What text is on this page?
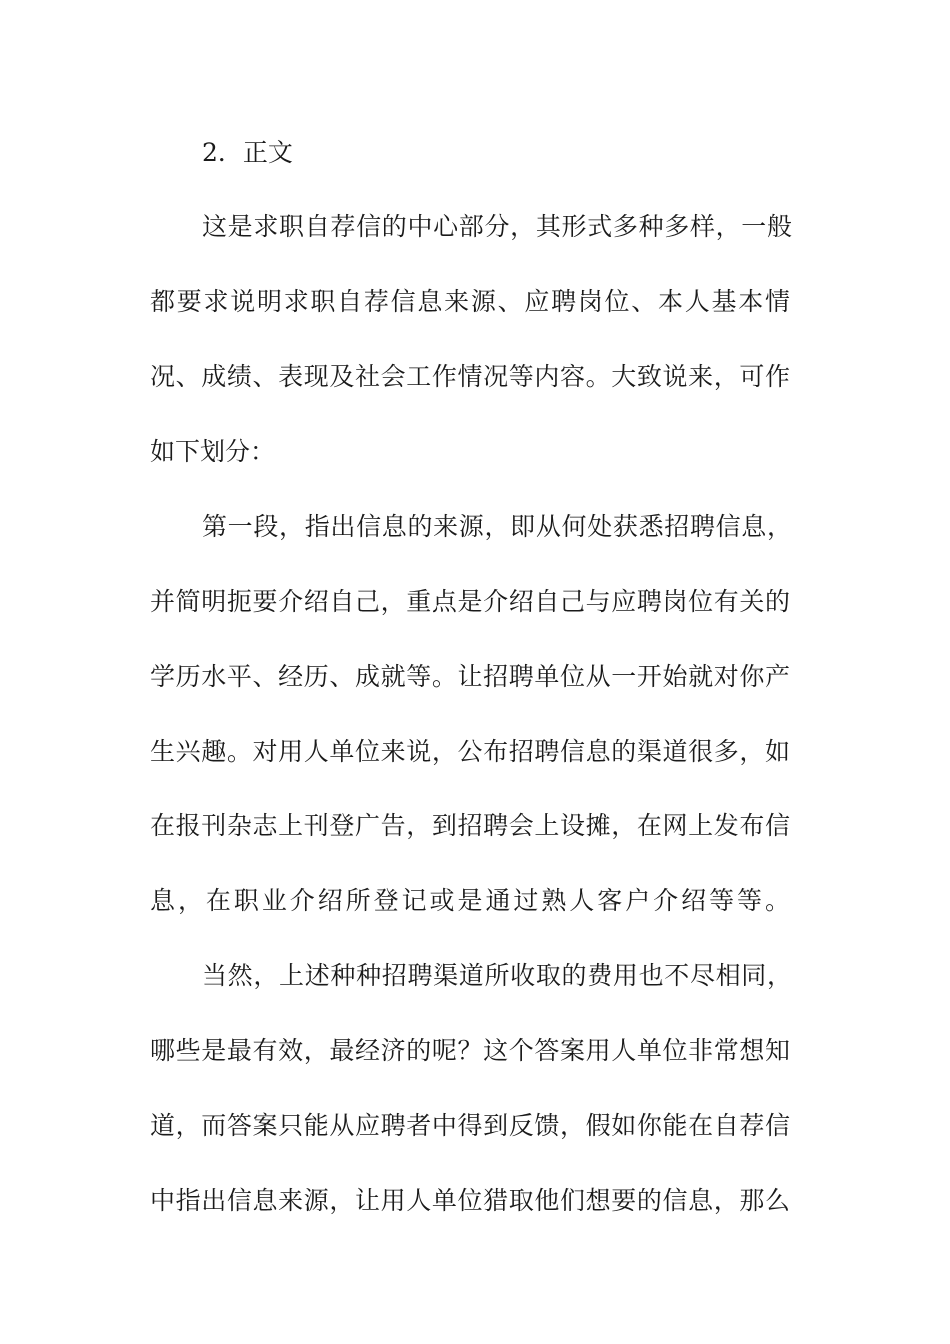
2．正文
这是求职自荐信的中心部分，其形式多种多样，一般
都要求说明求职自荐信息来源、应聘岗位、本人基本情
况、成绩、表现及社会工作情况等内容。大致说来，可作
如下划分：
第一段，指出信息的来源，即从何处获悉招聘信息，
并简明扼要介绍自己，重点是介绍自己与应聘岗位有关的
学历水平、经历、成就等。让招聘单位从一开始就对你产
生兴趣。对用人单位来说，公布招聘信息的渠道很多，如
在报刊杂志上刊登广告，到招聘会上设摊，在网上发布信
息，在职业介绍所登记或是通过熟人客户介绍等等。
当然，上述种种招聘渠道所收取的费用也不尽相同，
哪些是最有效，最经济的呢？这个答案用人单位非常想知
道，而答案只能从应聘者中得到反馈，假如你能在自荐信
中指出信息来源，让用人单位猎取他们想要的信息，那么
